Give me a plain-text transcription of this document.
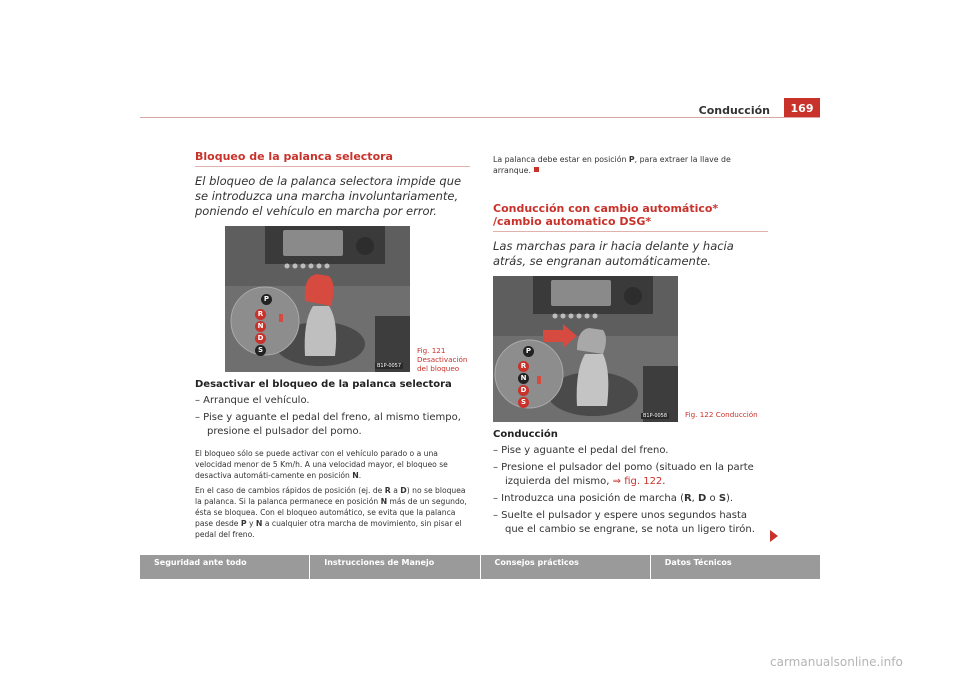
Conducción	169
Bloqueo de la palanca selectora

El bloqueo de la palanca selectora impide que se introduzca una marcha involuntariamente, poniendo el vehículo en marcha por error.

P
R
N
D
S
B1P-0057
Fig. 121 Desactivación del bloqueo

Desactivar el bloqueo de la palanca selectora

– Arranque el vehículo.

– Pise y aguante el pedal del freno, al mismo tiempo, presione el pulsador del pomo.

El bloqueo sólo se puede activar con el vehículo parado o a una velocidad menor de 5 Km/h. A una velocidad mayor, el bloqueo se desactiva automáti-camente en posición N.

En el caso de cambios rápidos de posición (ej. de R a D) no se bloquea la palanca. Si la palanca permanece en posición N más de un segundo, ésta se bloquea. Con el bloqueo automático, se evita que la palanca pase desde P y N a cualquier otra marcha de movimiento, sin pisar el pedal del freno.

La palanca debe estar en posición P, para extraer la llave de arranque.

Conducción con cambio automático* /cambio automatico DSG*

Las marchas para ir hacia delante y hacia atrás, se engranan automáticamente.

P
R
N
D
S
B1P-0058 Fig. 122 Conducción

Conducción

– Pise y aguante el pedal del freno.

– Presione el pulsador del pomo (situado en la parte izquierda del mismo, ⇒ fig. 122.

– Introduzca una posición de marcha (R, D o S).

– Suelte el pulsador y espere unos segundos hasta que el cambio se engrane, se nota un ligero tirón.

Seguridad ante todo	Instrucciones de Manejo	Consejos prácticos	Datos Técnicos
carmanualsonline.info
